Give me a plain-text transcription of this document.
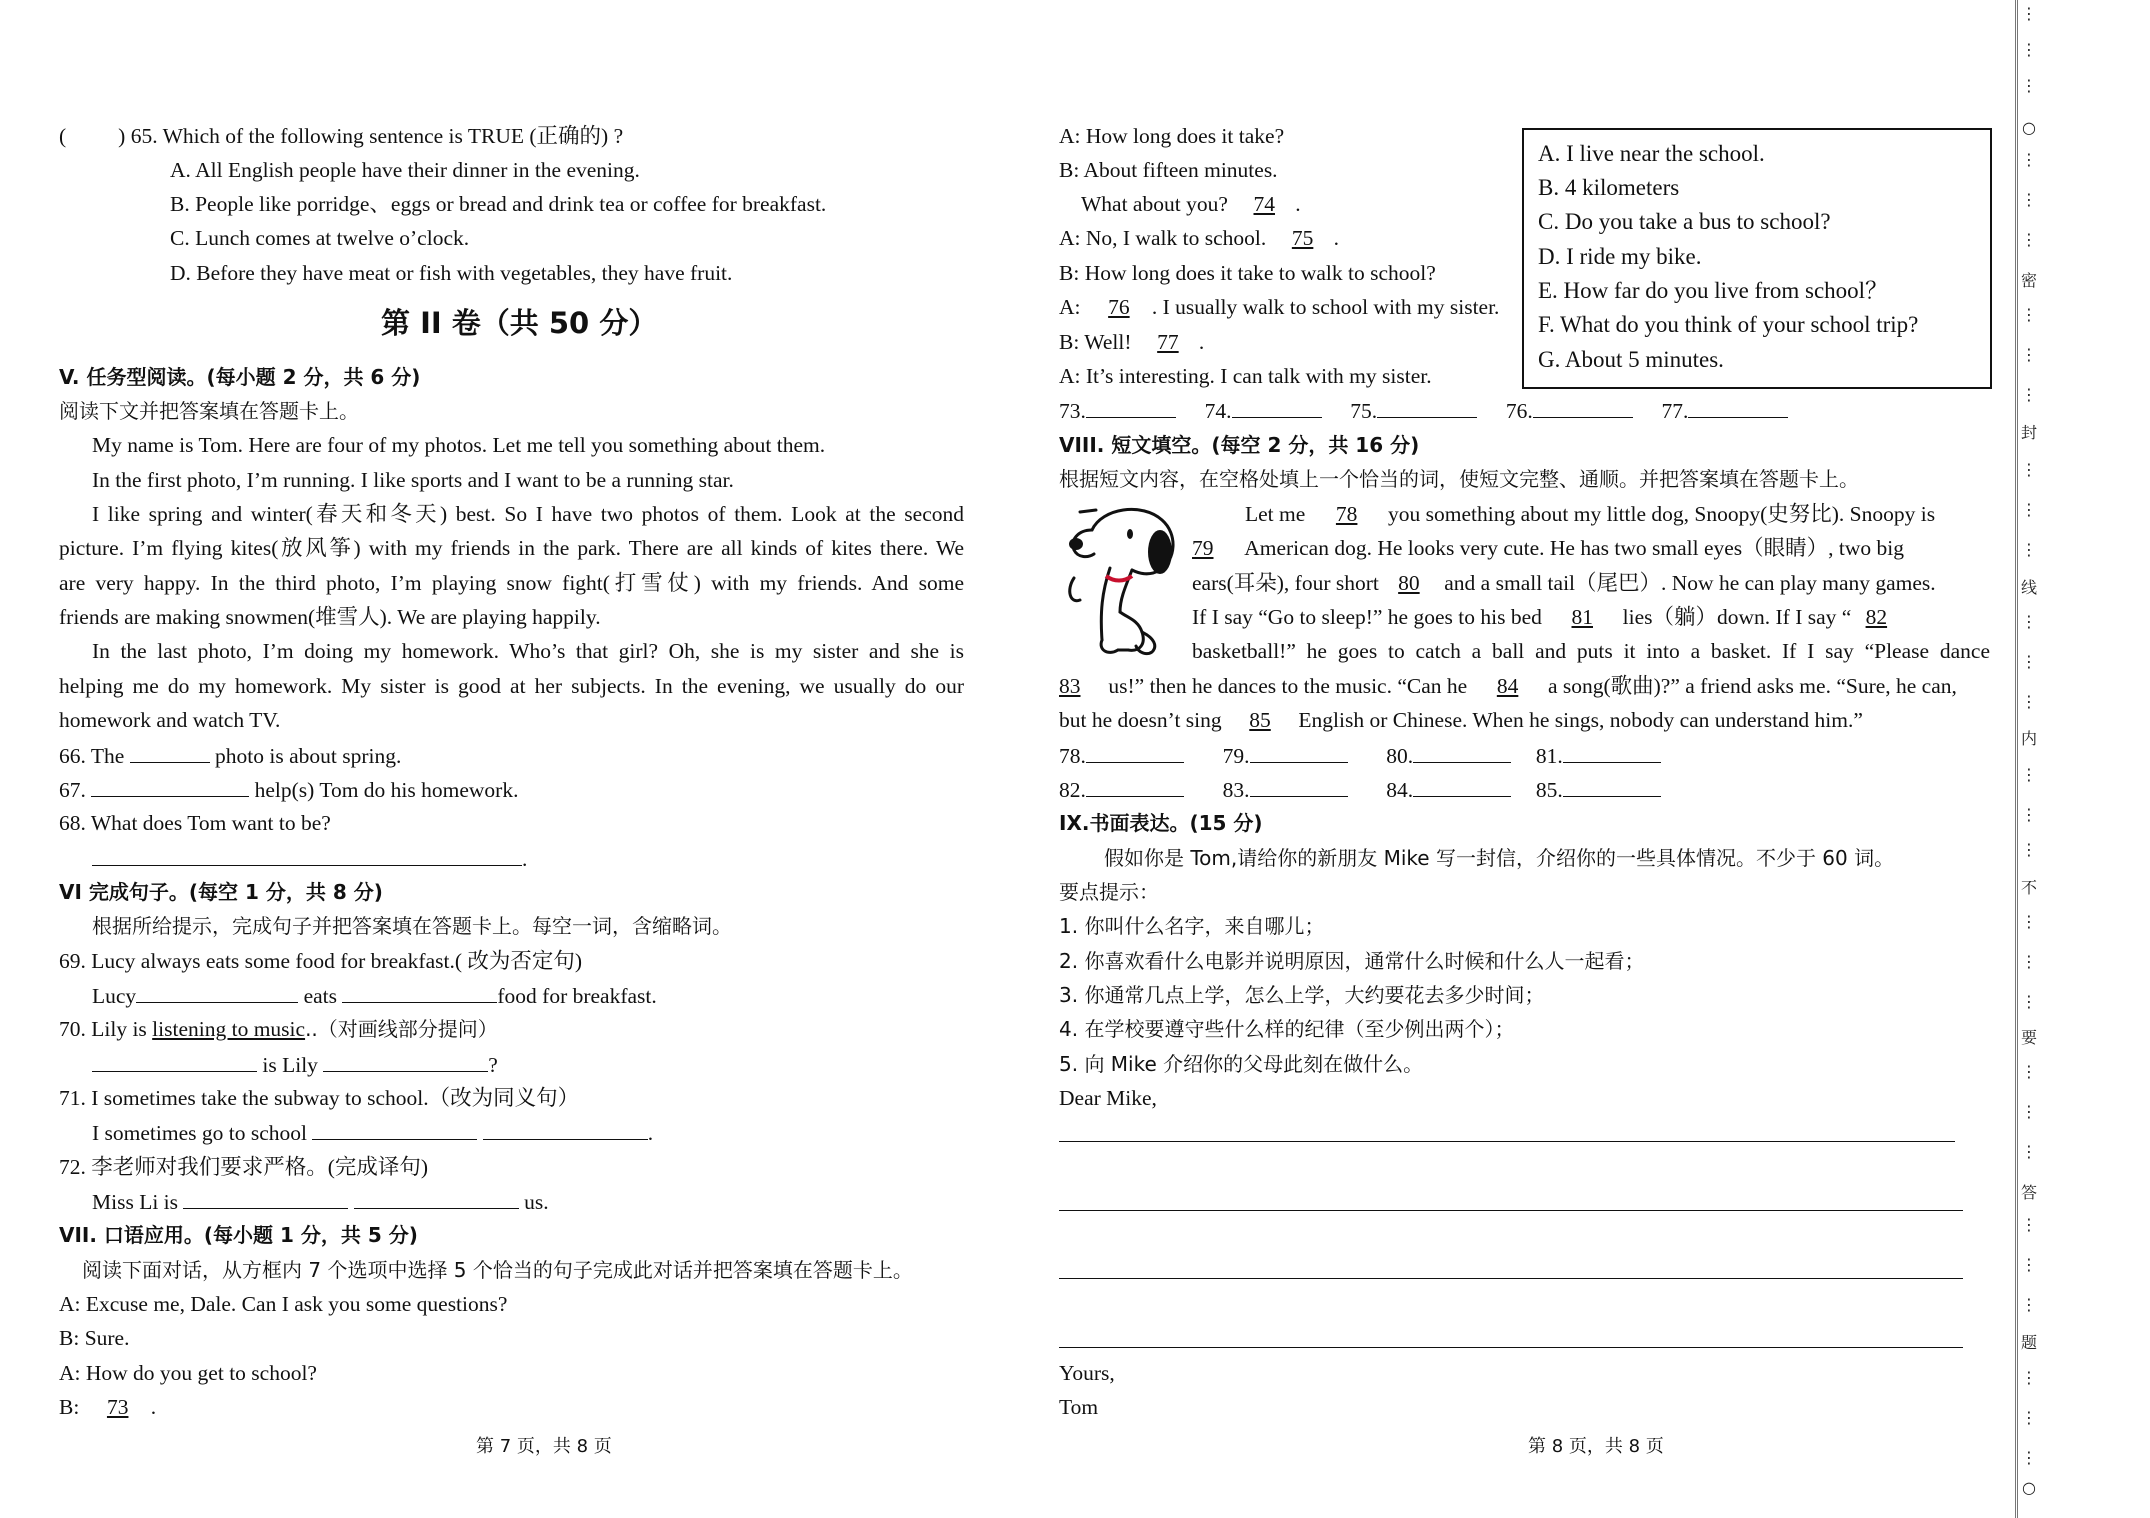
( ) 65. Which of the following sentence is TRUE (正确的) ?
A. All English people have their dinner in the evening.
B. People like porridge、eggs or bread and drink tea or coffee for breakfast.
C. Lunch comes at twelve o’clock.
D. Before they have meat or fish with vegetables, they have fruit.
第 II 卷（共 50 分）
V. 任务型阅读。(每小题 2 分，共 6 分)
阅读下文并把答案填在答题卡上。
My name is Tom. Here are four of my photos. Let me tell you something about them.
In the first photo, I’m running. I like sports and I want to be a running star.
I like spring and winter(春天和冬天) best. So I have two photos of them. Look at the second
picture. I’m flying kites(放风筝) with my friends in the park. There are all kinds of kites there. We
are very happy. In the third photo, I’m playing snow fight(打雪仗) with my friends. And some
friends are making snowmen(堆雪人). We are playing happily.
In the last photo, I’m doing my homework. Who’s that girl? Oh, she is my sister and she is
helping me do my homework. My sister is good at her subjects. In the evening, we usually do our
homework and watch TV.
66. The	photo is about spring.
67.	help(s) Tom do his homework.
68. What does Tom want to be?
.
VI 完成句子。(每空 1 分，共 8 分)
根据所给提示，完成句子并把答案填在答题卡上。每空一词，含缩略词。
69. Lucy always eats some food for breakfast.( 改为否定句)
Lucy	eats	food for breakfast.
70. Lily is listening to music..（对画线部分提问）
is Lily	?
71. I sometimes take the subway to school.（改为同义句）
I sometimes go to school	.
72. 李老师对我们要求严格。(完成译句)
Miss Li is	us.
VII. 口语应用。(每小题 1 分，共 5 分)
阅读下面对话，从方框内 7 个选项中选择 5 个恰当的句子完成此对话并把答案填在答题卡上。
A: Excuse me, Dale. Can I ask you some questions?
B: Sure.
A: How do you get to school?
B: 73 .
第 7 页，共 8 页
A: How long does it take?
B: About fifteen minutes.
What about you? 74 .
A: No, I walk to school. 75 .
B: How long does it take to walk to school?
A: 76 . I usually walk to school with my sister.
B: Well! 77 .
A: It’s interesting. I can talk with my sister.
73.	74.	75.	76.	77.
A. I live near the school.
B. 4 kilometers
C. Do you take a bus to school?
D. I ride my bike.
E. How far do you live from school？
F. What do you think of your school trip?
G. About 5 minutes.
VIII. 短文填空。(每空 2 分，共 16 分)
根据短文内容，在空格处填上一个恰当的词，使短文完整、通顺。并把答案填在答题卡上。
Let me 78 you something about my little dog, Snoopy(史努比). Snoopy is
79 American dog. He looks very cute. He has two small eyes（眼睛）, two big
ears(耳朵), four short 80 and a small tail（尾巴）. Now he can play many games.
If I say “Go to sleep!” he goes to his bed 81 lies（躺）down. If I say “ 82
basketball!” he goes to catch a ball and puts it into a basket. If I say “Please dance
83 us!” then he dances to the music. “Can he 84 a song(歌曲)?” a friend asks me. “Sure, he can,
but he doesn’t sing 85 English or Chinese. When he sings, nobody can understand him.”
78.	79.	80.	81.
82.	83.	84.	85.
IX.书面表达。(15 分)
假如你是 Tom,请给你的新朋友 Mike 写一封信，介绍你的一些具体情况。不少于 60 词。
要点提示：
1. 你叫什么名字，来自哪儿；
2. 你喜欢看什么电影并说明原因，通常什么时候和什么人一起看；
3. 你通常几点上学，怎么上学，大约要花去多少时间；
4. 在学校要遵守些什么样的纪律（至少例出两个）；
5. 向 Mike 介绍你的父母此刻在做什么。
Dear Mike,
Yours,
Tom
第 8 页，共 8 页
⋮
⋮
⋮
○
⋮
⋮
⋮
密
⋮
⋮
⋮
封
⋮
⋮
⋮
线
⋮
⋮
⋮
内
⋮
⋮
⋮
不
⋮
⋮
⋮
要
⋮
⋮
⋮
答
⋮
⋮
⋮
题
⋮
⋮
⋮
○
